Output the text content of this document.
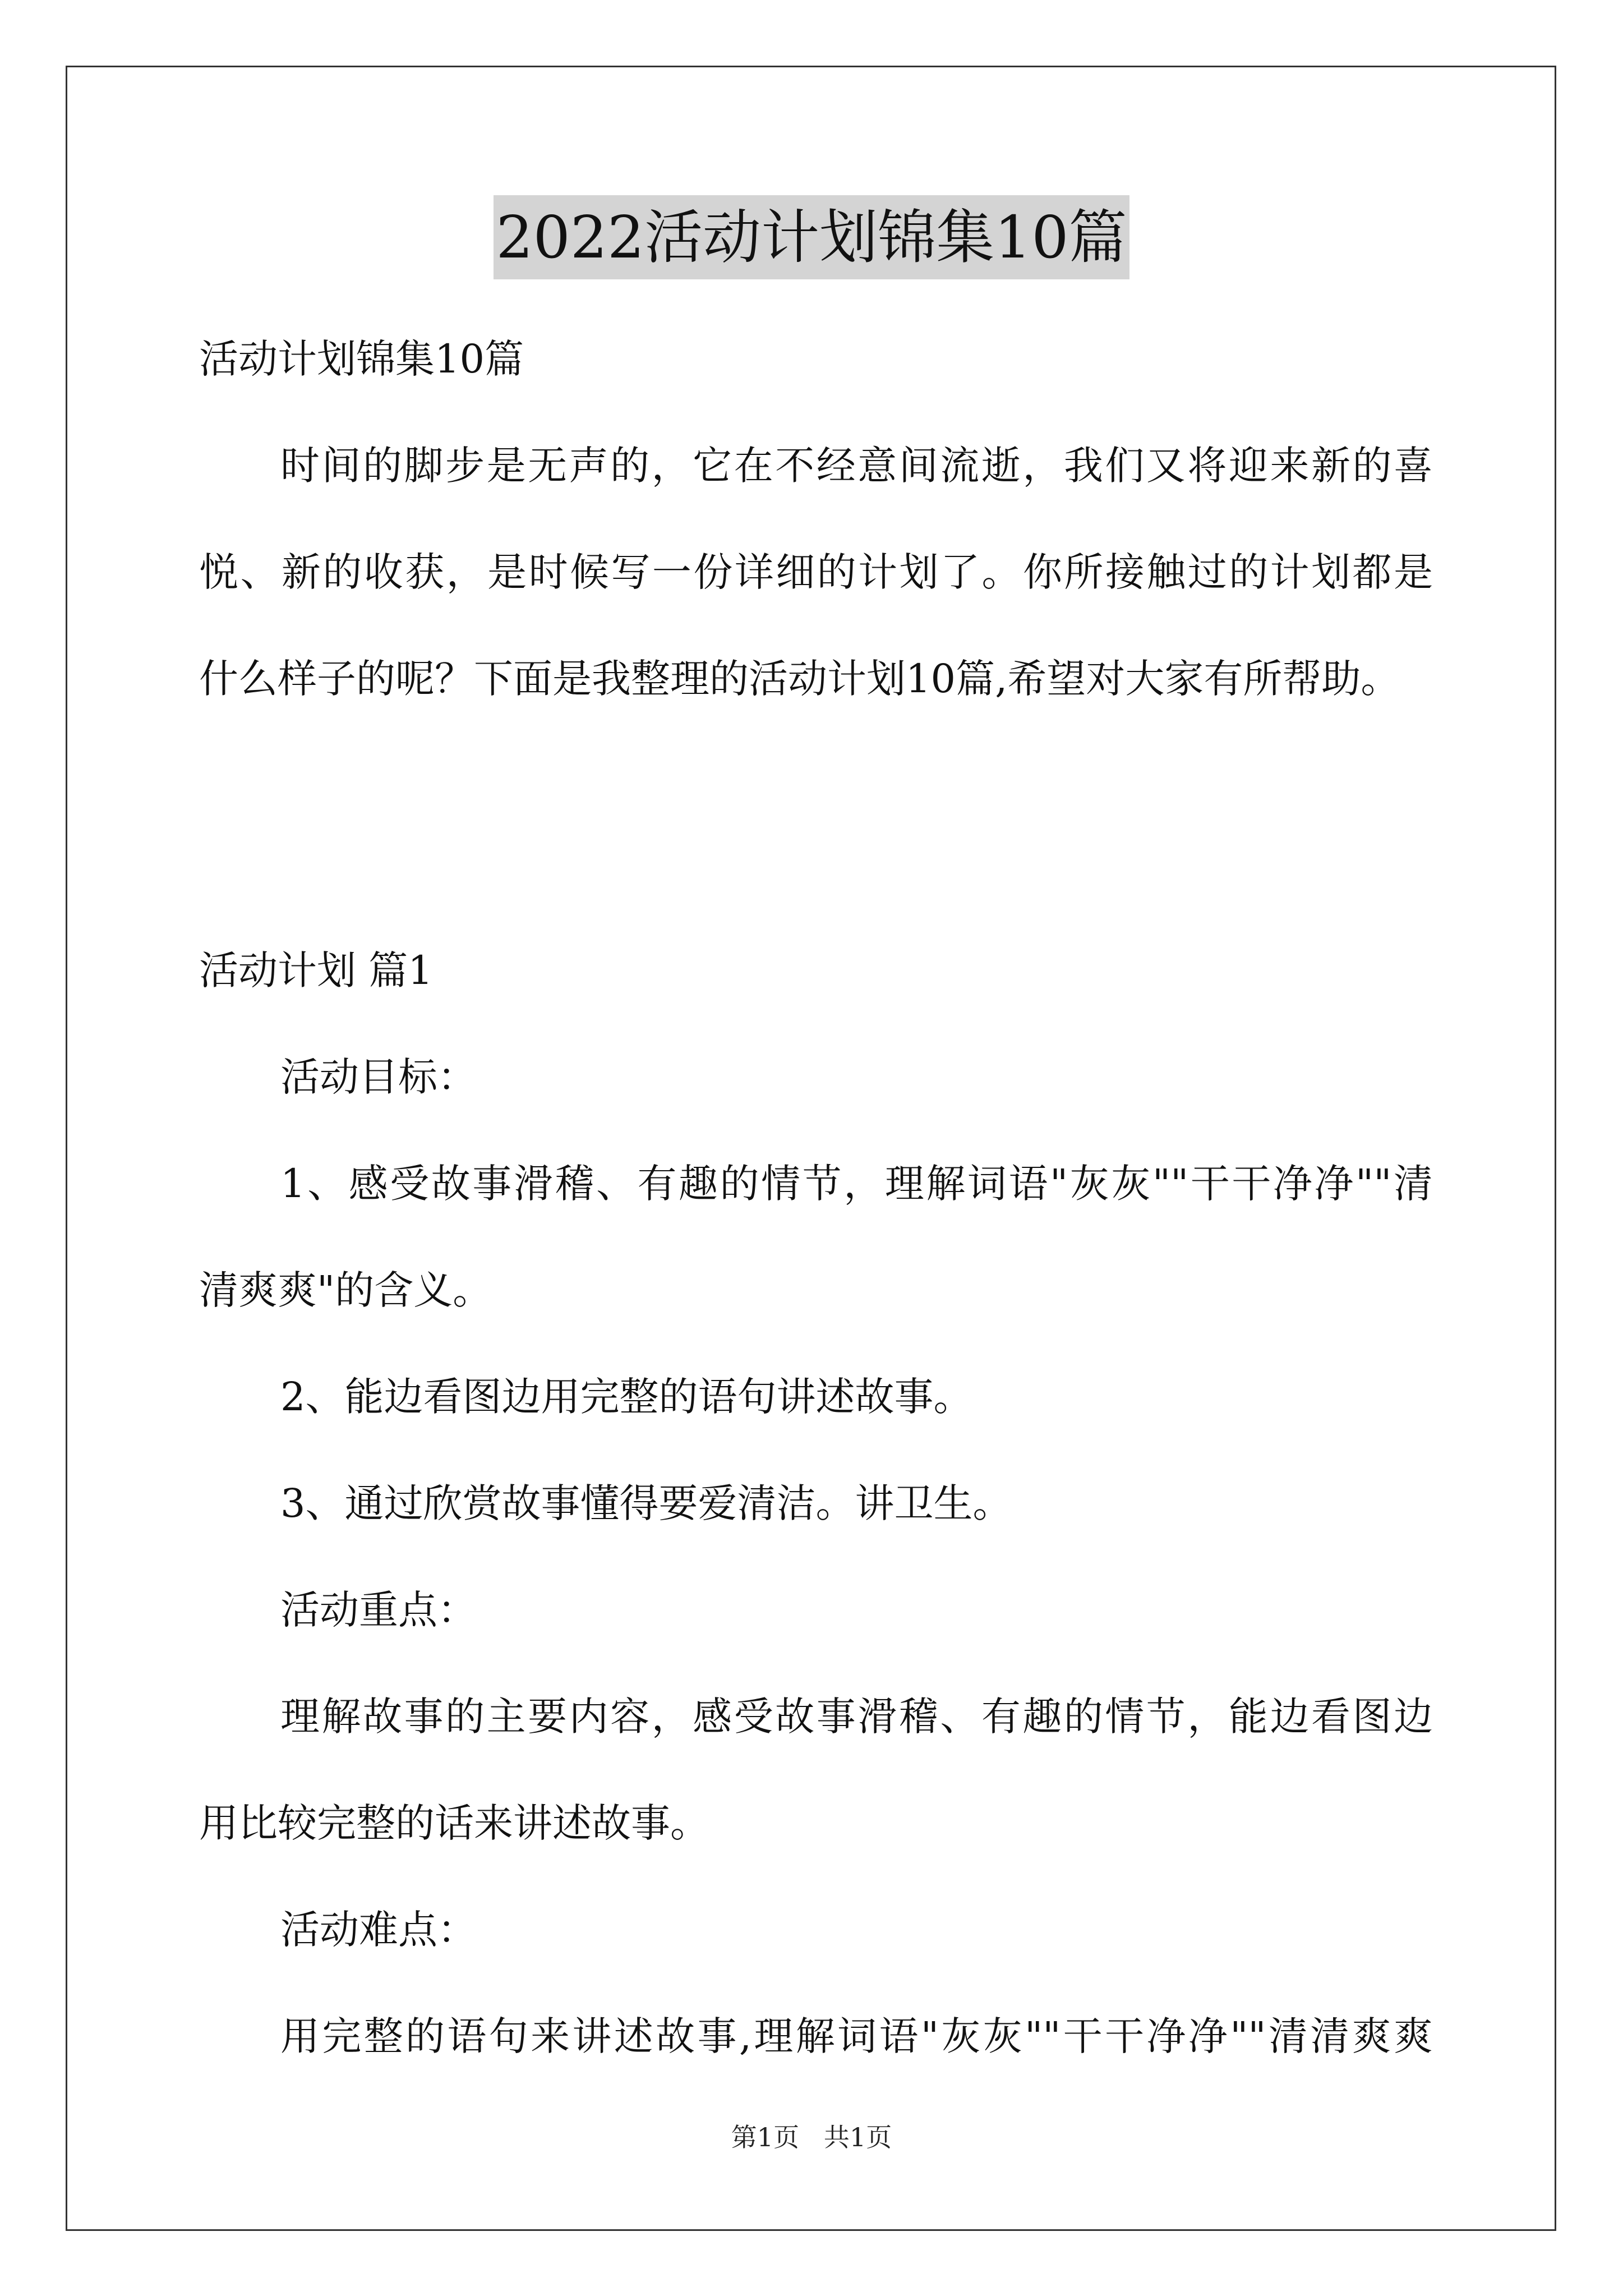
2022活动计划锦集10篇

活动计划锦集10篇

时间的脚步是无声的，它在不经意间流逝，我们又将迎来新的喜

悦、新的收获，是时候写一份详细的计划了。你所接触过的计划都是

什么样子的呢？下面是我整理的活动计划10篇,希望对大家有所帮助。

活动计划 篇1

活动目标：

1、感受故事滑稽、有趣的情节，理解词语"灰灰""干干净净""清

清爽爽"的含义。

2、能边看图边用完整的语句讲述故事。

3、通过欣赏故事懂得要爱清洁。讲卫生。

活动重点：

理解故事的主要内容，感受故事滑稽、有趣的情节，能边看图边

用比较完整的话来讲述故事。

活动难点：

用完整的语句来讲述故事,理解词语"灰灰""干干净净""清清爽爽

第1页   共1页
